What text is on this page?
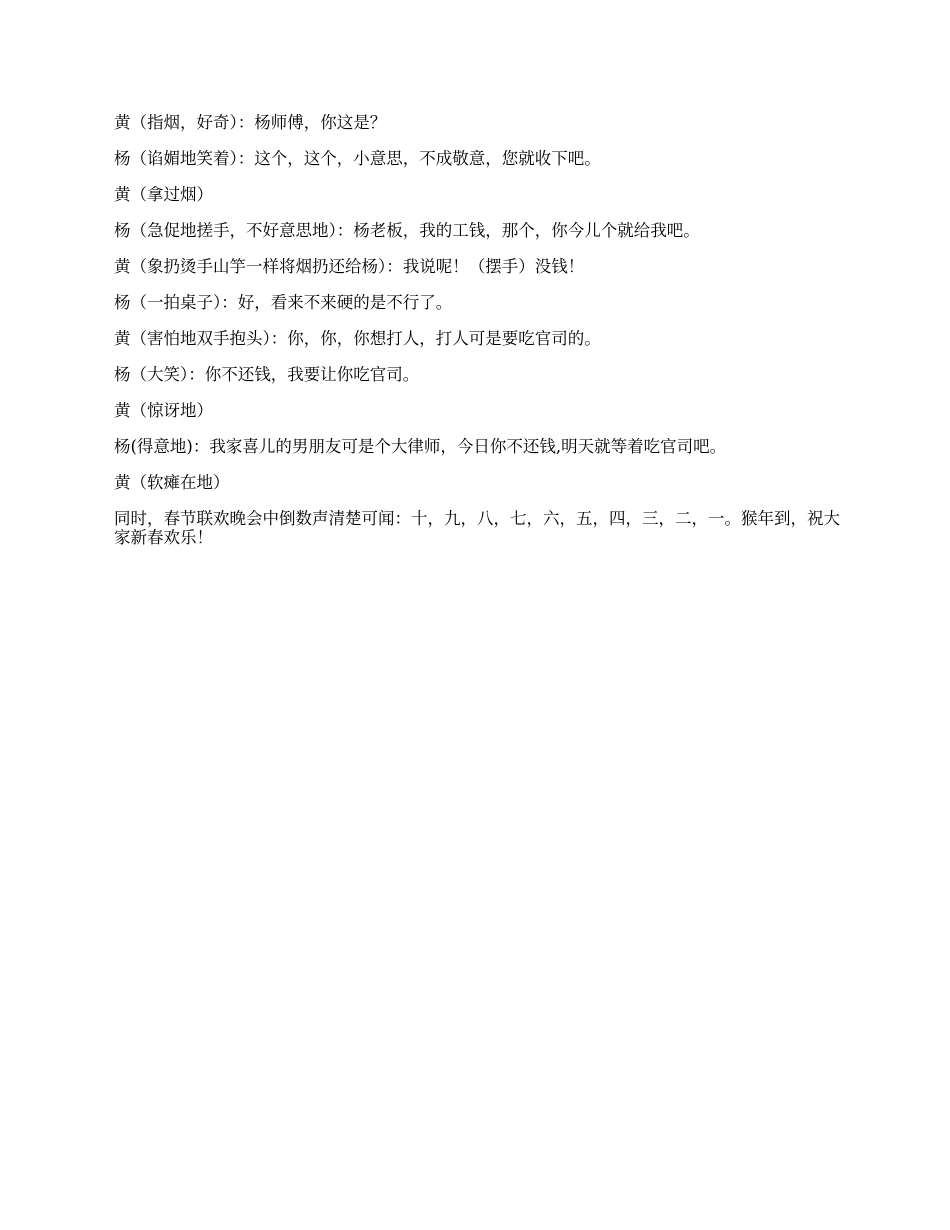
黄（指烟，好奇）：杨师傅，你这是？

杨（谄媚地笑着）：这个，这个，小意思，不成敬意，您就收下吧。

黄（拿过烟）

杨（急促地搓手，不好意思地）：杨老板，我的工钱，那个，你今儿个就给我吧。

黄（象扔烫手山竽一样将烟扔还给杨）：我说呢！（摆手）没钱！

杨（一拍桌子）：好，看来不来硬的是不行了。

黄（害怕地双手抱头）：你，你，你想打人，打人可是要吃官司的。

杨（大笑）：你不还钱，我要让你吃官司。

黄（惊讶地）

杨(得意地)：我家喜儿的男朋友可是个大律师，今日你不还钱,明天就等着吃官司吧。

黄（软瘫在地）

同时，春节联欢晚会中倒数声清楚可闻：十，九，八，七，六，五，四，三，二，一。猴年到，祝大家新春欢乐！
